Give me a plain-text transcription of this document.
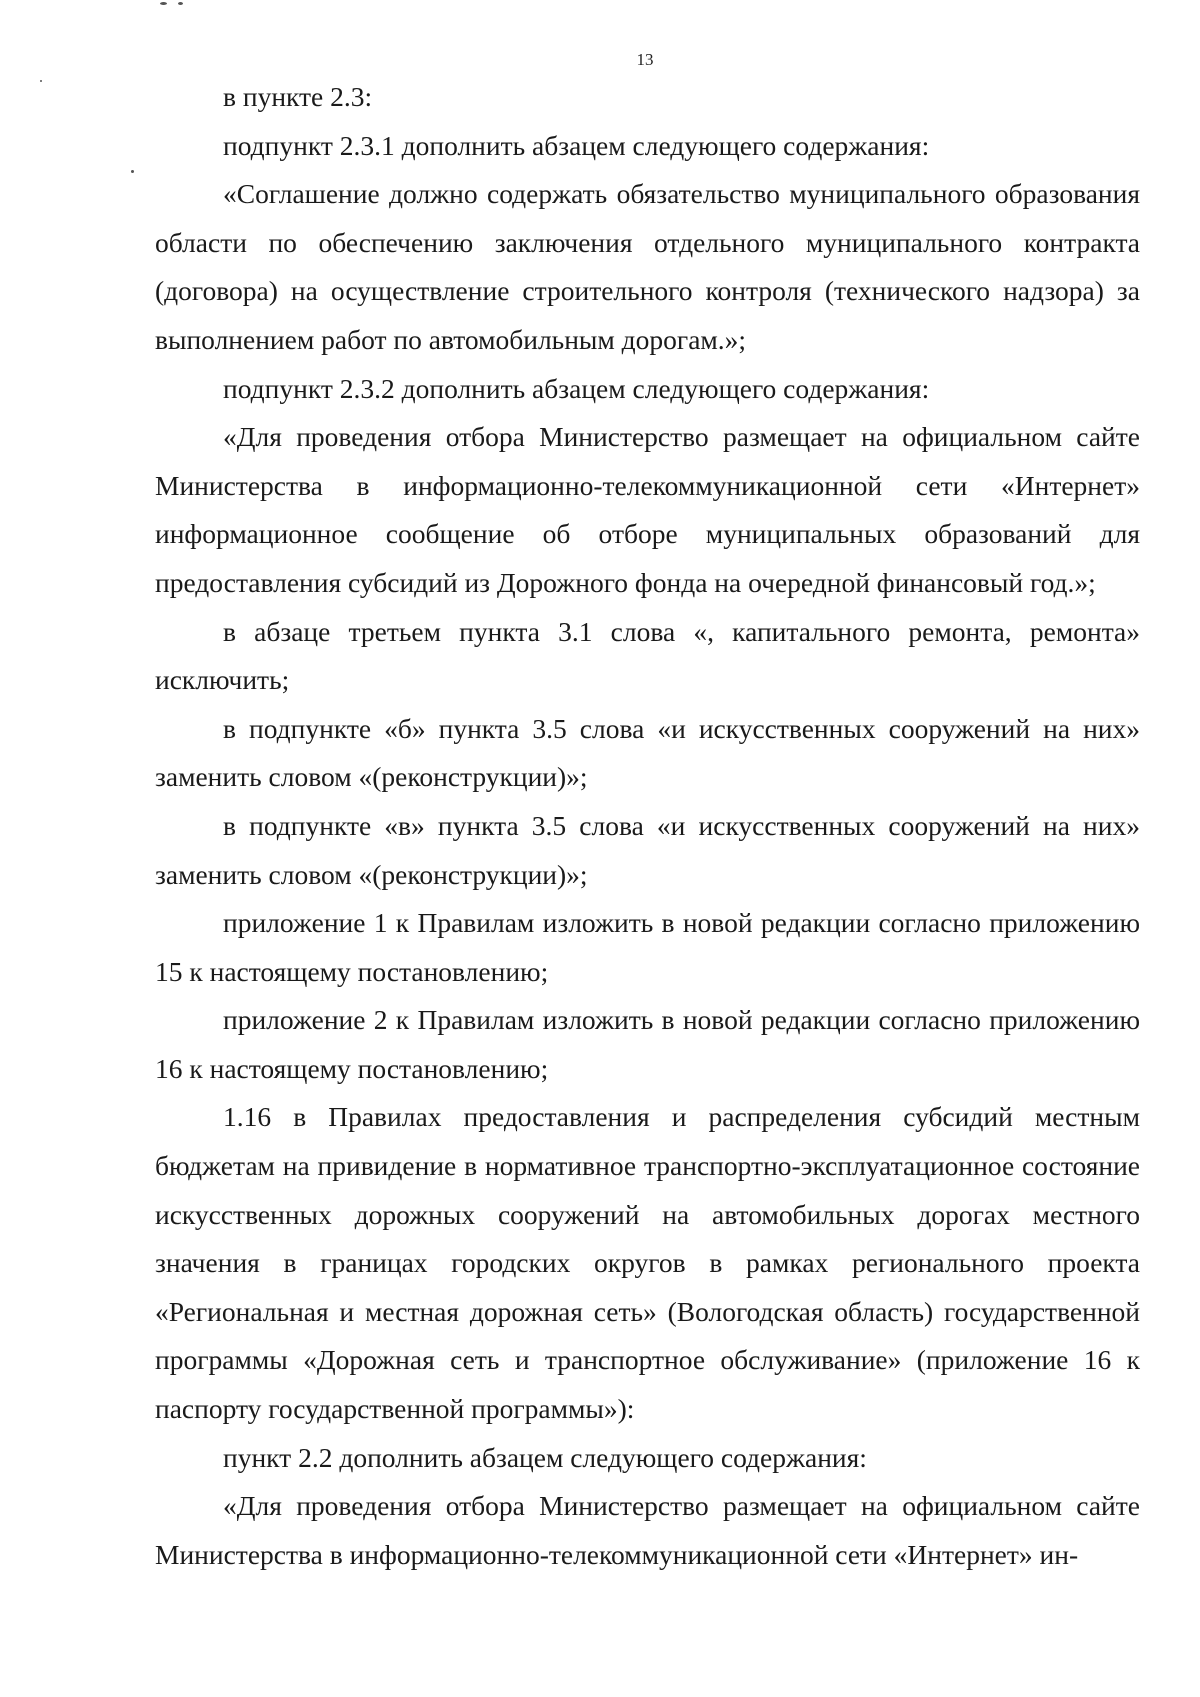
13

в пункте 2.3:

подпункт 2.3.1 дополнить абзацем следующего содержания:

«Соглашение должно содержать обязательство муниципального образования области по обеспечению заключения отдельного муниципального контракта (договора) на осуществление строительного контроля (технического надзора) за выполнением работ по автомобильным дорогам.»;

подпункт 2.3.2 дополнить абзацем следующего содержания:

«Для проведения отбора Министерство размещает на официальном сайте Министерства в информационно-телекоммуникационной сети «Интернет» информационное сообщение об отборе муниципальных образований для предоставления субсидий из Дорожного фонда на очередной финансовый год.»;

в абзаце третьем пункта 3.1 слова «, капитального ремонта, ремонта» исключить;

в подпункте «б» пункта 3.5 слова «и искусственных сооружений на них» заменить словом «(реконструкции)»;

в подпункте «в» пункта 3.5 слова «и искусственных сооружений на них» заменить словом «(реконструкции)»;

приложение 1 к Правилам изложить в новой редакции согласно приложению 15 к настоящему постановлению;

приложение 2 к Правилам изложить в новой редакции согласно приложению 16 к настоящему постановлению;

1.16 в Правилах предоставления и распределения субсидий местным бюджетам на привидение в нормативное транспортно-эксплуатационное состояние искусственных дорожных сооружений на автомобильных дорогах местного значения в границах городских округов в рамках регионального проекта «Региональная и местная дорожная сеть» (Вологодская область) государственной программы «Дорожная сеть и транспортное обслуживание» (приложение 16 к паспорту государственной программы»):

пункт 2.2 дополнить абзацем следующего содержания:

«Для проведения отбора Министерство размещает на официальном сайте Министерства в информационно-телекоммуникационной сети «Интернет» ин-
